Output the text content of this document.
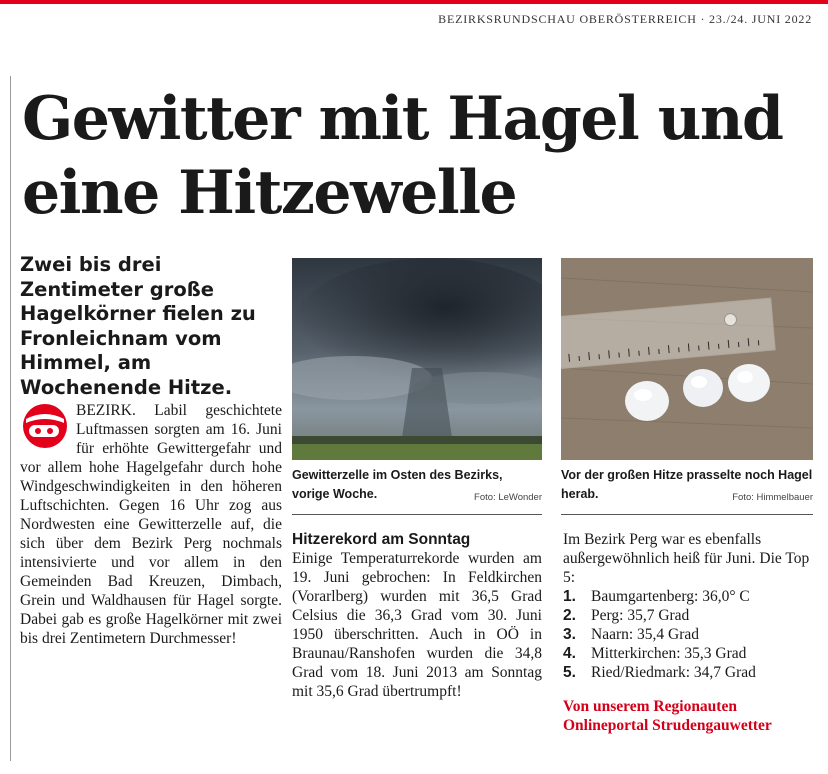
BEZIRKSRUNDSCHAU OBERÖSTERREICH · 23./24. JUNI 2022
Gewitter mit Hagel und eine Hitzewelle

Zwei bis drei Zentimeter große Hagelkörner fielen zu Fronleichnam vom Himmel, am Wochenende Hitze.

BEZIRK. Labil geschichtete Luftmassen sorgten am 16. Juni für erhöhte Gewittergefahr und vor allem hohe Hagelgefahr durch hohe Windgeschwindigkeiten in den höheren Luftschichten. Gegen 16 Uhr zog aus Nordwesten eine Gewitterzelle auf, die sich über dem Bezirk Perg nochmals intensivierte und vor allem in den Gemeinden Bad Kreuzen, Dimbach, Grein und Waldhausen für Hagel sorgte. Dabei gab es große Hagelkörner mit zwei bis drei Zentimetern Durchmesser!

Gewitterzelle im Osten des Bezirks, vorige Woche.	Foto: LeWonder
Vor der großen Hitze prasselte noch Hagel herab.	Foto: Himmelbauer
Hitzerekord am Sonntag

Einige Temperaturrekorde wurden am 19. Juni gebrochen: In Feldkirchen (Vorarlberg) wurden mit 36,5 Grad Celsius die 36,3 Grad vom 30. Juni 1950 überschritten. Auch in OÖ in Braunau/Ranshofen wurden die 34,8 Grad vom 18. Juni 2013 am Sonntag mit 35,6 Grad übertrumpft!

Im Bezirk Perg war es ebenfalls außergewöhnlich heiß für Juni. Die Top 5:

1. Baumgartenberg: 36,0° C
2. Perg: 35,7 Grad
3. Naarn: 35,4 Grad
4. Mitterkirchen: 35,3 Grad
5. Ried/Riedmark: 34,7 Grad
Von unserem Regionauten Onlineportal Strudengauwetter
